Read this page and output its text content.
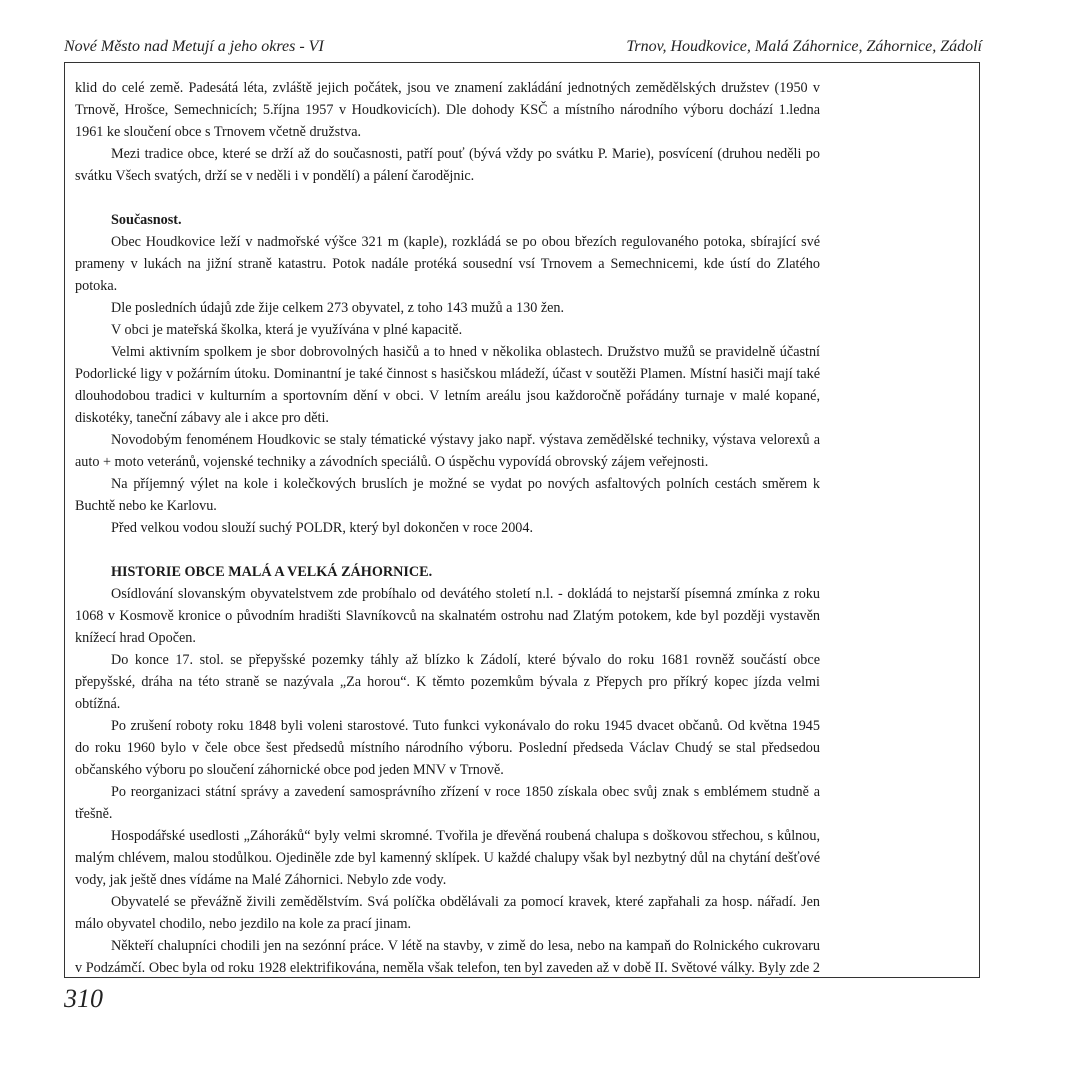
Nové Město nad Metují a jeho okres - VI	Trnov, Houdkovice, Malá Záhornice, Záhornice, Zádolí

klid do celé země. Padesátá léta, zvláště jejich počátek, jsou ve znamení zakládání jednotných zemědělských družstev (1950 v Trnově, Hrošce, Semechnicích; 5.října 1957 v Houdkovicích). Dle dohody KSČ a místního národního výboru dochází 1.ledna 1961 ke sloučení obce s Trnovem včetně družstva.

Mezi tradice obce, které se drží až do současnosti, patří pouť (bývá vždy po svátku P. Marie), posvícení (druhou neděli po svátku Všech svatých, drží se v neděli i v pondělí) a pálení čarodějnic.

Současnost.

Obec Houdkovice leží v nadmořské výšce 321 m (kaple), rozkládá se po obou březích regulovaného potoka, sbírající své prameny v lukách na jižní straně katastru. Potok nadále protéká sousední vsí Trnovem a Semechnicemi, kde ústí do Zlatého potoka.

Dle posledních údajů zde žije celkem 273 obyvatel, z toho 143 mužů a 130 žen.

V obci je mateřská školka, která je využívána v plné kapacitě.

Velmi aktivním spolkem je sbor dobrovolných hasičů a to hned v několika oblastech. Družstvo mužů se pravidelně účastní Podorlické ligy v požárním útoku. Dominantní je také činnost s hasičskou mládeží, účast v soutěži Plamen. Místní hasiči mají také dlouhodobou tradici v kulturním a sportovním dění v obci. V letním areálu jsou každoročně pořádány turnaje v malé kopané, diskotéky, taneční zábavy ale i akce pro děti.

Novodobým fenoménem Houdkovic se staly tématické výstavy jako např. výstava zemědělské techniky, výstava velorexů a auto + moto veteránů, vojenské techniky a závodních speciálů. O úspěchu vypovídá obrovský zájem veřejnosti.

Na příjemný výlet na kole i kolečkových bruslích je možné se vydat po nových asfaltových polních cestách směrem k Buchtě nebo ke Karlovu.

Před velkou vodou slouží suchý POLDR, který byl dokončen v roce 2004.

HISTORIE OBCE MALÁ A VELKÁ ZÁHORNICE.

Osídlování slovanským obyvatelstvem zde probíhalo od devátého století n.l. - dokládá to nejstarší písemná zmínka z roku 1068 v Kosmově kronice o původním hradišti Slavníkovců na skalnatém ostrohu nad Zlatým potokem, kde byl později vystavěn knížecí hrad Opočen.

Do konce 17. stol. se přepyšské pozemky táhly až blízko k Zádolí, které bývalo do roku 1681 rovněž součástí obce přepyšské, dráha na této straně se nazývala „Za horou“. K těmto pozemkům bývala z Přepych pro příkrý kopec jízda velmi obtížná.

Po zrušení roboty roku 1848 byli voleni starostové. Tuto funkci vykonávalo do roku 1945 dvacet občanů. Od května 1945 do roku 1960 bylo v čele obce šest předsedů místního národního výboru. Poslední předseda Václav Chudý se stal předsedou občanského výboru po sloučení záhornické obce pod jeden MNV v Trnově.

Po reorganizaci státní správy a zavedení samosprávního zřízení v roce 1850 získala obec svůj znak s emblémem studně a třešně.

Hospodářské usedlosti „Záhoráků“ byly velmi skromné. Tvořila je dřevěná roubená chalupa s doškovou střechou, s kůlnou, malým chlévem, malou stodůlkou. Ojediněle zde byl kamenný sklípek. U každé chalupy však byl nezbytný důl na chytání dešťové vody, jak ještě dnes vídáme na Malé Záhornici. Nebylo zde vody.

Obyvatelé se převážně živili zemědělstvím. Svá políčka obdělávali za pomocí kravek, které zapřahali za hosp. nářadí. Jen málo obyvatel chodilo, nebo jezdilo na kole za prací jinam.

Někteří chalupníci chodili jen na sezónní práce. V létě na stavby, v zimě do lesa, nebo na kampaň do Rolnického cukrovaru v Podzámčí. Obec byla od roku 1928 elektrifikována, neměla však telefon, ten byl zaveden až v době II. Světové války. Byly zde 2

310
